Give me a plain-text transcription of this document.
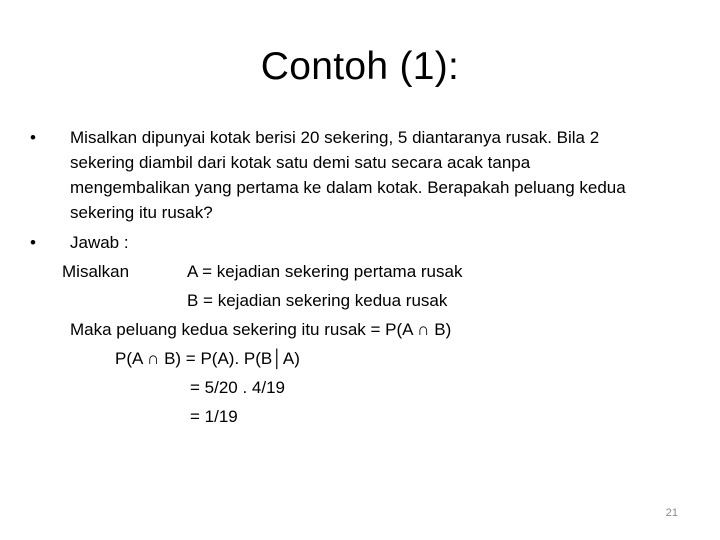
Contoh (1):
• Misalkan dipunyai kotak berisi 20 sekering, 5 diantaranya rusak. Bila 2
sekering diambil dari kotak satu demi satu secara acak tanpa
mengembalikan yang pertama ke dalam kotak. Berapakah peluang kedua
sekering itu rusak?
• Jawab :
Misalkan	A = kejadian sekering pertama rusak
B = kejadian sekering kedua rusak
Maka peluang kedua sekering itu rusak = P(A ∩ B)
P(A ∩ B) = P(A). P(B│A)
= 5/20 . 4/19
= 1/19
21
